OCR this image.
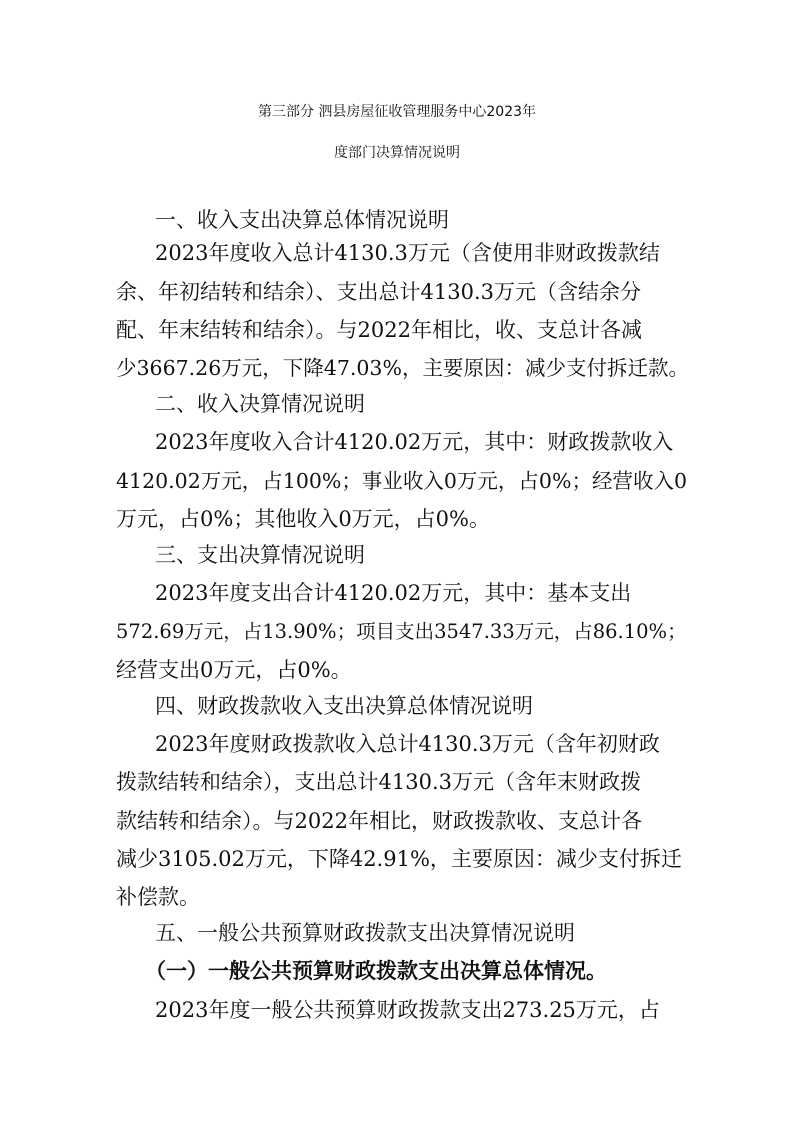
第三部分 泗县房屋征收管理服务中心2023年
度部门决算情况说明

一、收入支出决算总体情况说明

2023年度收入总计4130.3万元（含使用非财政拨款结

余、年初结转和结余）、支出总计4130.3万元（含结余分

配、年末结转和结余）。与2022年相比，收、支总计各减

少3667.26万元，下降47.03%，主要原因：减少支付拆迁款。

二、收入决算情况说明

2023年度收入合计4120.02万元，其中：财政拨款收入

4120.02万元，占100%；事业收入0万元，占0%；经营收入0

万元，占0%；其他收入0万元，占0%。

三、支出决算情况说明

2023年度支出合计4120.02万元，其中：基本支出

572.69万元，占13.90%；项目支出3547.33万元，占86.10%；

经营支出0万元，占0%。

四、财政拨款收入支出决算总体情况说明

2023年度财政拨款收入总计4130.3万元（含年初财政

拨款结转和结余），支出总计4130.3万元（含年末财政拨

款结转和结余）。与2022年相比，财政拨款收、支总计各

减少3105.02万元，下降42.91%，主要原因：减少支付拆迁

补偿款。

五、一般公共预算财政拨款支出决算情况说明

（一）一般公共预算财政拨款支出决算总体情况。

2023年度一般公共预算财政拨款支出273.25万元，占
